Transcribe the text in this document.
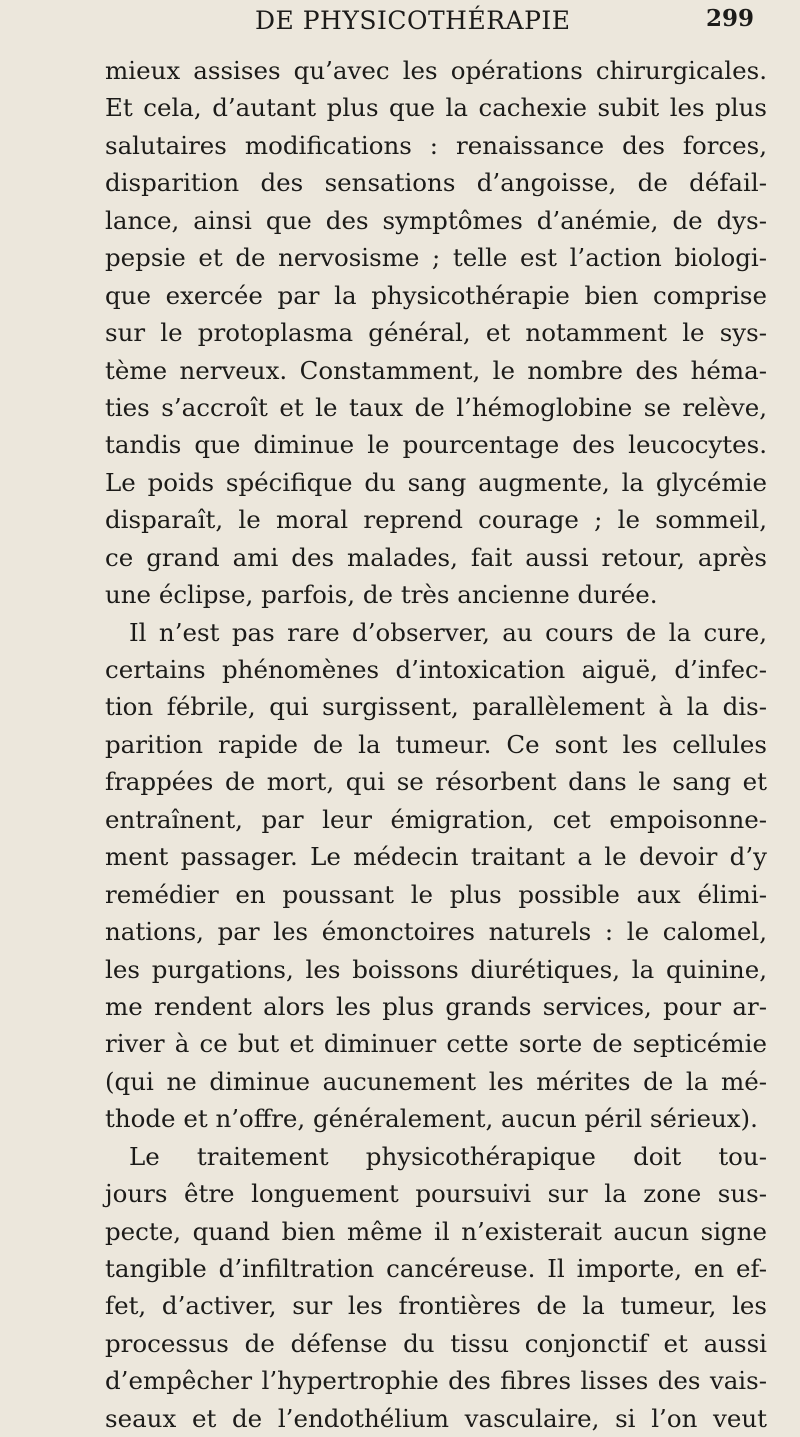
DE PHYSICOTHÉRAPIE	299
mieux assises qu’avec les opérations chirurgicales.
Et cela, d’autant plus que la cachexie subit les plus
salutaires modifications : renaissance des forces,
disparition des sensations d’angoisse, de défail-
lance, ainsi que des symptômes d’anémie, de dys-
pepsie et de nervosisme ; telle est l’action biologi-
que exercée par la physicothérapie bien comprise
sur le protoplasma général, et notamment le sys-
tème nerveux. Constamment, le nombre des héma-
ties s’accroît et le taux de l’hémoglobine se relève,
tandis que diminue le pourcentage des leucocytes.
Le poids spécifique du sang augmente, la glycémie
disparaît, le moral reprend courage ; le sommeil,
ce grand ami des malades, fait aussi retour, après
une éclipse, parfois, de très ancienne durée.
Il n’est pas rare d’observer, au cours de la cure,
certains phénomènes d’intoxication aiguë, d’infec-
tion fébrile, qui surgissent, parallèlement à la dis-
parition rapide de la tumeur. Ce sont les cellules
frappées de mort, qui se résorbent dans le sang et
entraînent, par leur émigration, cet empoisonne-
ment passager. Le médecin traitant a le devoir d’y
remédier en poussant le plus possible aux élimi-
nations, par les émonctoires naturels : le calomel,
les purgations, les boissons diurétiques, la quinine,
me rendent alors les plus grands services, pour ar-
river à ce but et diminuer cette sorte de septicémie
(qui ne diminue aucunement les mérites de la mé-
thode et n’offre, généralement, aucun péril sérieux).
Le traitement physicothérapique doit tou-
jours être longuement poursuivi sur la zone sus-
pecte, quand bien même il n’existerait aucun signe
tangible d’infiltration cancéreuse. Il importe, en ef-
fet, d’activer, sur les frontières de la tumeur, les
processus de défense du tissu conjonctif et aussi
d’empêcher l’hypertrophie des fibres lisses des vais-
seaux et de l’endothélium vasculaire, si l’on veut
